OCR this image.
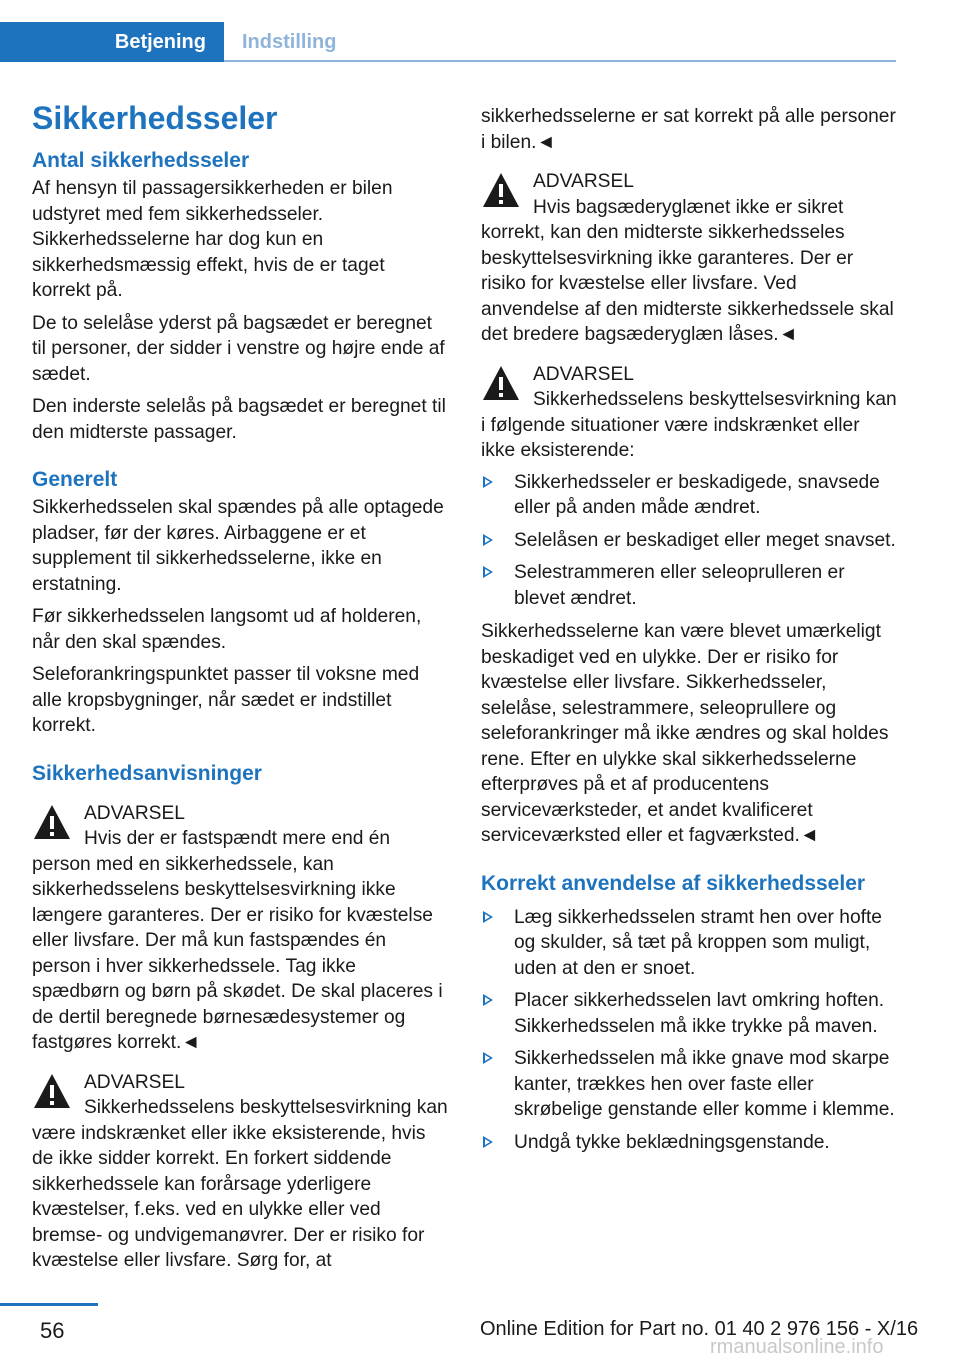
Betjening Indstilling
Sikkerhedsseler
Antal sikkerhedsseler

Af hensyn til passagersikkerheden er bilen udstyret med fem sikkerhedsseler. Sikkerhedsselerne har dog kun en sikkerhedsmæssig effekt, hvis de er taget korrekt på.

De to selelåse yderst på bagsædet er beregnet til personer, der sidder i venstre og højre ende af sædet.

Den inderste selelås på bagsædet er beregnet til den midterste passager.

Generelt

Sikkerhedsselen skal spændes på alle optagede pladser, før der køres. Airbaggene er et supplement til sikkerhedsselerne, ikke en erstatning.

Før sikkerhedsselen langsomt ud af holderen, når den skal spændes.

Seleforankringspunktet passer til voksne med alle kropsbygninger, når sædet er indstillet korrekt.

Sikkerhedsanvisninger
ADVARSEL
Hvis der er fastspændt mere end én person med en sikkerhedssele, kan sikkerhedsselens beskyttelsesvirkning ikke længere garanteres. Der er risiko for kvæstelse eller livsfare. Der må kun fastspændes én person i hver sikkerhedssele. Tag ikke spædbørn og børn på skødet. De skal placeres i de dertil beregnede børnesædesystemer og fastgøres korrekt.◄
ADVARSEL
Sikkerhedsselens beskyttelsesvirkning kan være indskrænket eller ikke eksisterende, hvis de ikke sidder korrekt. En forkert siddende sikkerhedssele kan forårsage yderligere kvæstelser, f.eks. ved en ulykke eller ved bremse- og undvigemanøvrer. Der er risiko for kvæstelse eller livsfare. Sørg for, at

sikkerhedsselerne er sat korrekt på alle personer i bilen.◄

ADVARSEL
Hvis bagsæderyglænet ikke er sikret korrekt, kan den midterste sikkerhedsseles beskyttelsesvirkning ikke garanteres. Der er risiko for kvæstelse eller livsfare. Ved anvendelse af den midterste sikkerhedssele skal det bredere bagsæderyglæn låses.◄
ADVARSEL
Sikkerhedsselens beskyttelsesvirkning kan i følgende situationer være indskrænket eller ikke eksisterende:
Sikkerhedsseler er beskadigede, snavsede eller på anden måde ændret.
Selelåsen er beskadiget eller meget snavset.
Selestrammeren eller seleoprulleren er blevet ændret.

Sikkerhedsselerne kan være blevet umærkeligt beskadiget ved en ulykke. Der er risiko for kvæstelse eller livsfare. Sikkerhedsseler, selelåse, selestrammere, seleoprullere og seleforankringer må ikke ændres og skal holdes rene. Efter en ulykke skal sikkerhedsselerne efterprøves på et af producentens serviceværksteder, et andet kvalificeret serviceværksted eller et fagværksted.◄

Korrekt anvendelse af sikkerhedsseler
Læg sikkerhedsselen stramt hen over hofte og skulder, så tæt på kroppen som muligt, uden at den er snoet.
Placer sikkerhedsselen lavt omkring hoften. Sikkerhedsselen må ikke trykke på maven.
Sikkerhedsselen må ikke gnave mod skarpe kanter, trækkes hen over faste eller skrøbelige genstande eller komme i klemme.
Undgå tykke beklædningsgenstande.
56	Online Edition for Part no. 01 40 2 976 156 - X/16
rmanualsonline.info
